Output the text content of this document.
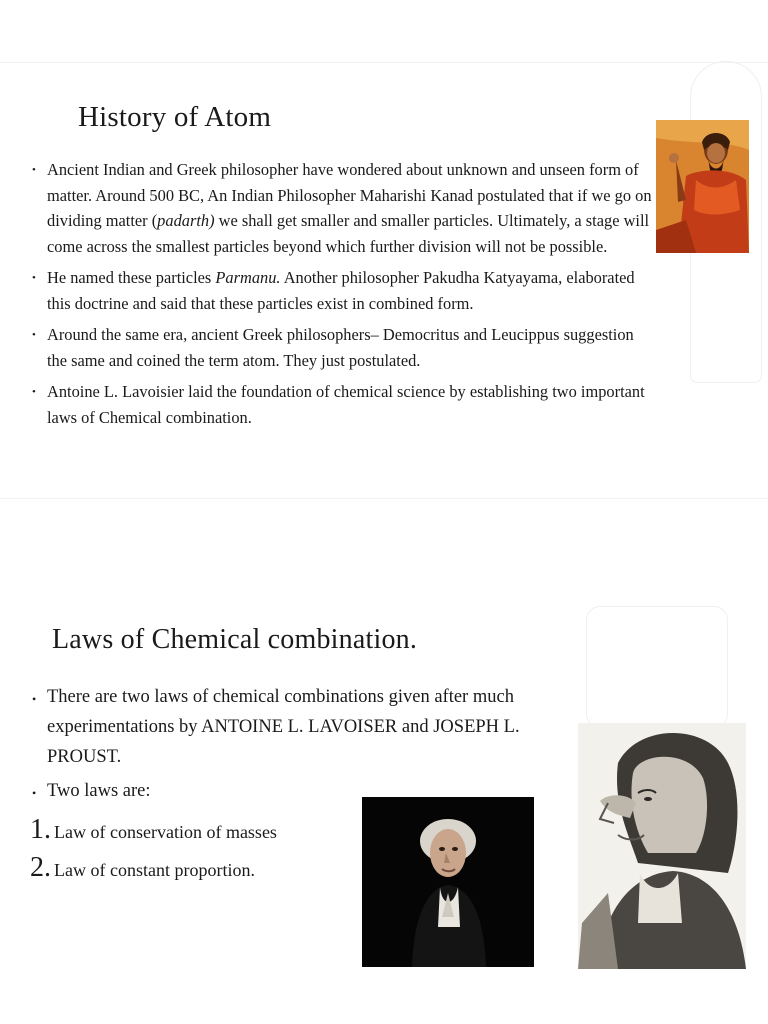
History of Atom
• Ancient Indian and Greek philosopher have wondered about unknown and unseen form of matter. Around 500 BC, An Indian Philosopher Maharishi Kanad postulated that if we go on dividing matter (padarth) we shall get smaller and smaller particles. Ultimately, a stage will come across the smallest particles beyond which further division will not be possible.
• He named these particles Parmanu. Another philosopher Pakudha Katyayama, elaborated this doctrine and said that these particles exist in combined form.
• Around the same era, ancient Greek philosophers– Democritus and Leucippus suggestion the same and coined the term atom. They just postulated.
• Antoine L. Lavoisier laid the foundation of chemical science by establishing two important laws of Chemical combination.
Laws of Chemical combination.
• There are two laws of chemical combinations given after much experimentations by ANTOINE L. LAVOISER and JOSEPH L. PROUST.
• Two laws are:
1. Law of conservation of masses
2. Law of constant proportion.
